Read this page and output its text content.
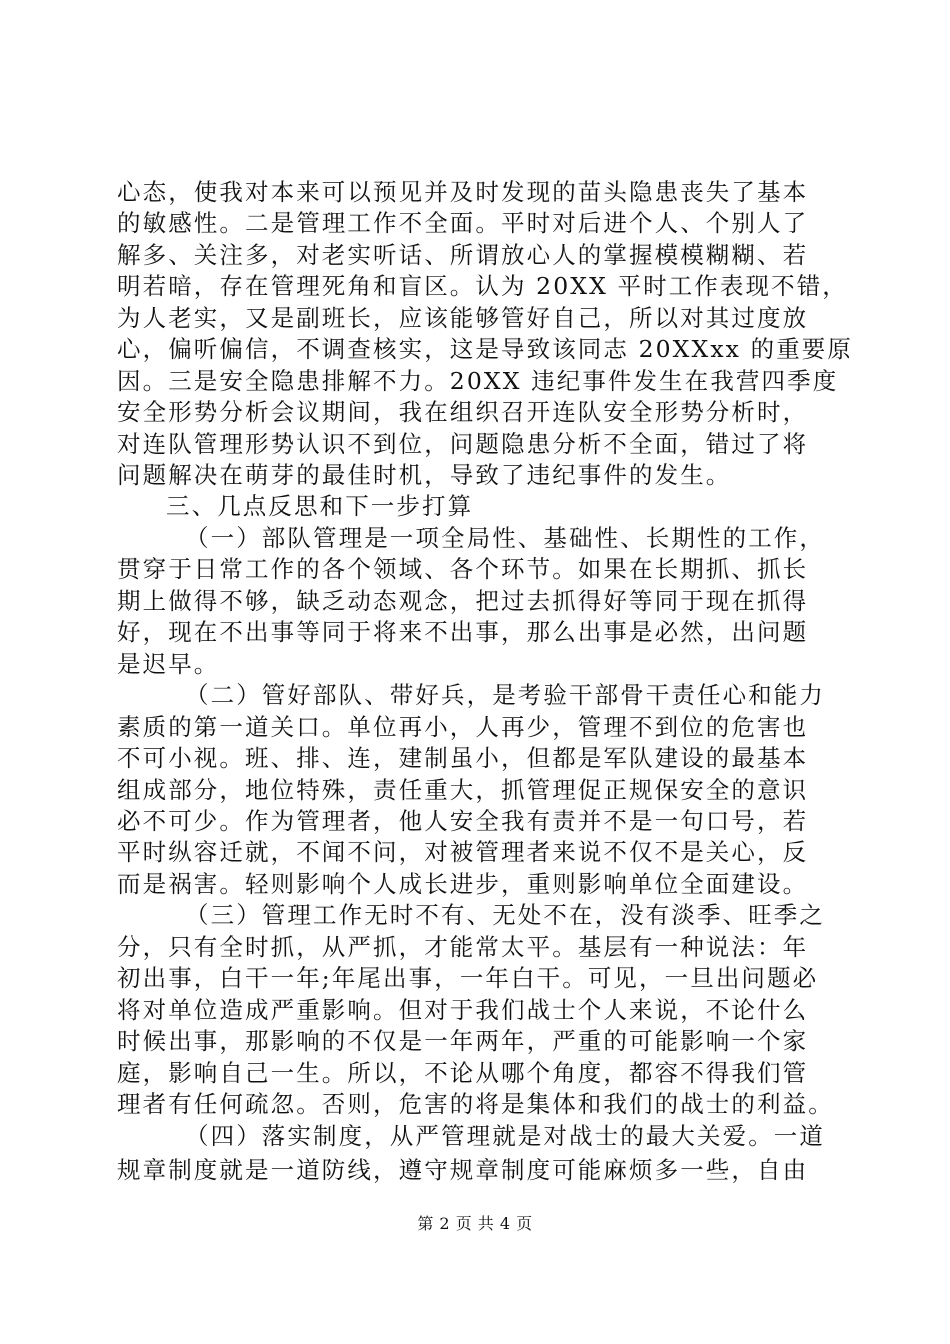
心态，使我对本来可以预见并及时发现的苗头隐患丧失了基本
的敏感性。二是管理工作不全面。平时对后进个人、个别人了
解多、关注多，对老实听话、所谓放心人的掌握模模糊糊、若
明若暗，存在管理死角和盲区。认为 20XX 平时工作表现不错，
为人老实，又是副班长，应该能够管好自己，所以对其过度放
心，偏听偏信，不调查核实，这是导致该同志 20XXxx 的重要原
因。三是安全隐患排解不力。20XX 违纪事件发生在我营四季度
安全形势分析会议期间，我在组织召开连队安全形势分析时，
对连队管理形势认识不到位，问题隐患分析不全面，错过了将
问题解决在萌芽的最佳时机，导致了违纪事件的发生。
三、几点反思和下一步打算
（一）部队管理是一项全局性、基础性、长期性的工作，
贯穿于日常工作的各个领域、各个环节。如果在长期抓、抓长
期上做得不够，缺乏动态观念，把过去抓得好等同于现在抓得
好，现在不出事等同于将来不出事，那么出事是必然，出问题
是迟早。
（二）管好部队、带好兵，是考验干部骨干责任心和能力
素质的第一道关口。单位再小，人再少，管理不到位的危害也
不可小视。班、排、连，建制虽小，但都是军队建设的最基本
组成部分，地位特殊，责任重大，抓管理促正规保安全的意识
必不可少。作为管理者，他人安全我有责并不是一句口号，若
平时纵容迁就，不闻不问，对被管理者来说不仅不是关心，反
而是祸害。轻则影响个人成长进步，重则影响单位全面建设。
（三）管理工作无时不有、无处不在，没有淡季、旺季之
分，只有全时抓，从严抓，才能常太平。基层有一种说法：年
初出事，白干一年;年尾出事，一年白干。可见，一旦出问题必
将对单位造成严重影响。但对于我们战士个人来说，不论什么
时候出事，那影响的不仅是一年两年，严重的可能影响一个家
庭，影响自己一生。所以，不论从哪个角度，都容不得我们管
理者有任何疏忽。否则，危害的将是集体和我们的战士的利益。
第 2 页 共 4 页
（四）落实制度，从严管理就是对战士的最大关爱。一道
规章制度就是一道防线，遵守规章制度可能麻烦多一些，自由
